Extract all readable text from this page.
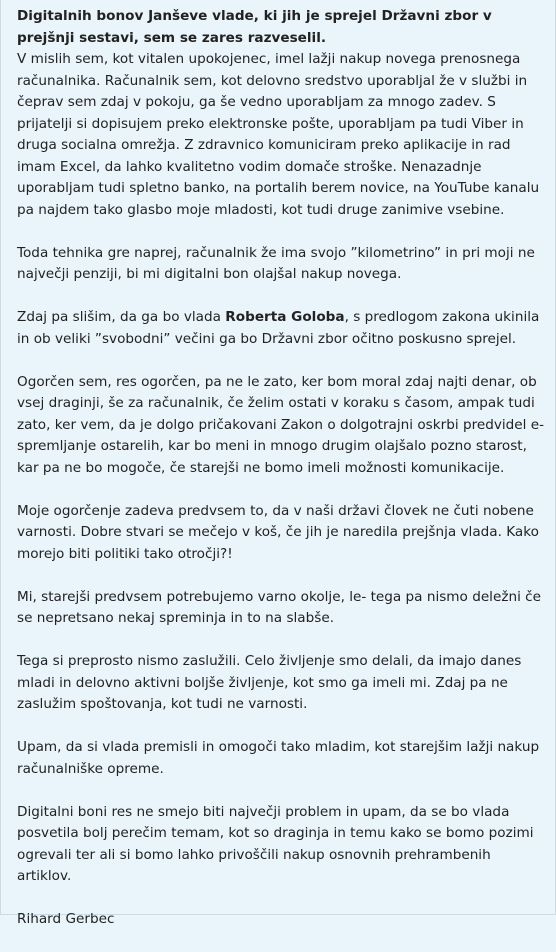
Digitalnih bonov Janševe vlade, ki jih je sprejel Državni zbor v prejšnji sestavi, sem se zares razveselil.
V mislih sem, kot vitalen upokojenec, imel lažji nakup novega prenosnega računalnika. Računalnik sem, kot delovno sredstvo uporabljal že v službi in čeprav sem zdaj v pokoju, ga še vedno uporabljam za mnogo zadev. S prijatelji si dopisujem preko elektronske pošte, uporabljam pa tudi Viber in druga socialna omrežja. Z zdravnico komuniciram preko aplikacije in rad imam Excel, da lahko kvalitetno vodim domače stroške. Nenazadnje uporabljam tudi spletno banko, na portalih berem novice, na YouTube kanalu pa najdem tako glasbo moje mladosti, kot tudi druge zanimive vsebine.

Toda tehnika gre naprej, računalnik že ima svojo ”kilometrino” in pri moji ne največji penziji, bi mi digitalni bon olajšal nakup novega.

Zdaj pa slišim, da ga bo vlada Roberta Goloba, s predlogom zakona ukinila in ob veliki ”svobodni” večini ga bo Državni zbor očitno poskusno sprejel.

Ogorčen sem, res ogorčen, pa ne le zato, ker bom moral zdaj najti denar, ob vsej draginji, še za računalnik, če želim ostati v koraku s časom, ampak tudi zato, ker vem, da je dolgo pričakovani Zakon o dolgotrajni oskrbi predvidel e-spremljanje ostarelih, kar bo meni in mnogo drugim olajšalo pozno starost, kar pa ne bo mogoče, če starejši ne bomo imeli možnosti komunikacije.

Moje ogorčenje zadeva predvsem to, da v naši državi človek ne čuti nobene varnosti. Dobre stvari se mečejo v koš, če jih je naredila prejšnja vlada. Kako morejo biti politiki tako otročji?!

Mi, starejši predvsem potrebujemo varno okolje, le- tega pa nismo deležni če se nepretsano nekaj spreminja in to na slabše.

Tega si preprosto nismo zaslužili. Celo življenje smo delali, da imajo danes mladi in delovno aktivni boljše življenje, kot smo ga imeli mi. Zdaj pa ne zaslužim spoštovanja, kot tudi ne varnosti.

Upam, da si vlada premisli in omogoči tako mladim, kot starejšim lažji nakup računalniške opreme.

Digitalni boni res ne smejo biti največji problem in upam, da se bo vlada posvetila bolj perečim temam, kot so draginja in temu kako se bomo pozimi ogrevali ter ali si bomo lahko privoščili nakup osnovnih prehrambenih artiklov.

Rihard Gerbec
